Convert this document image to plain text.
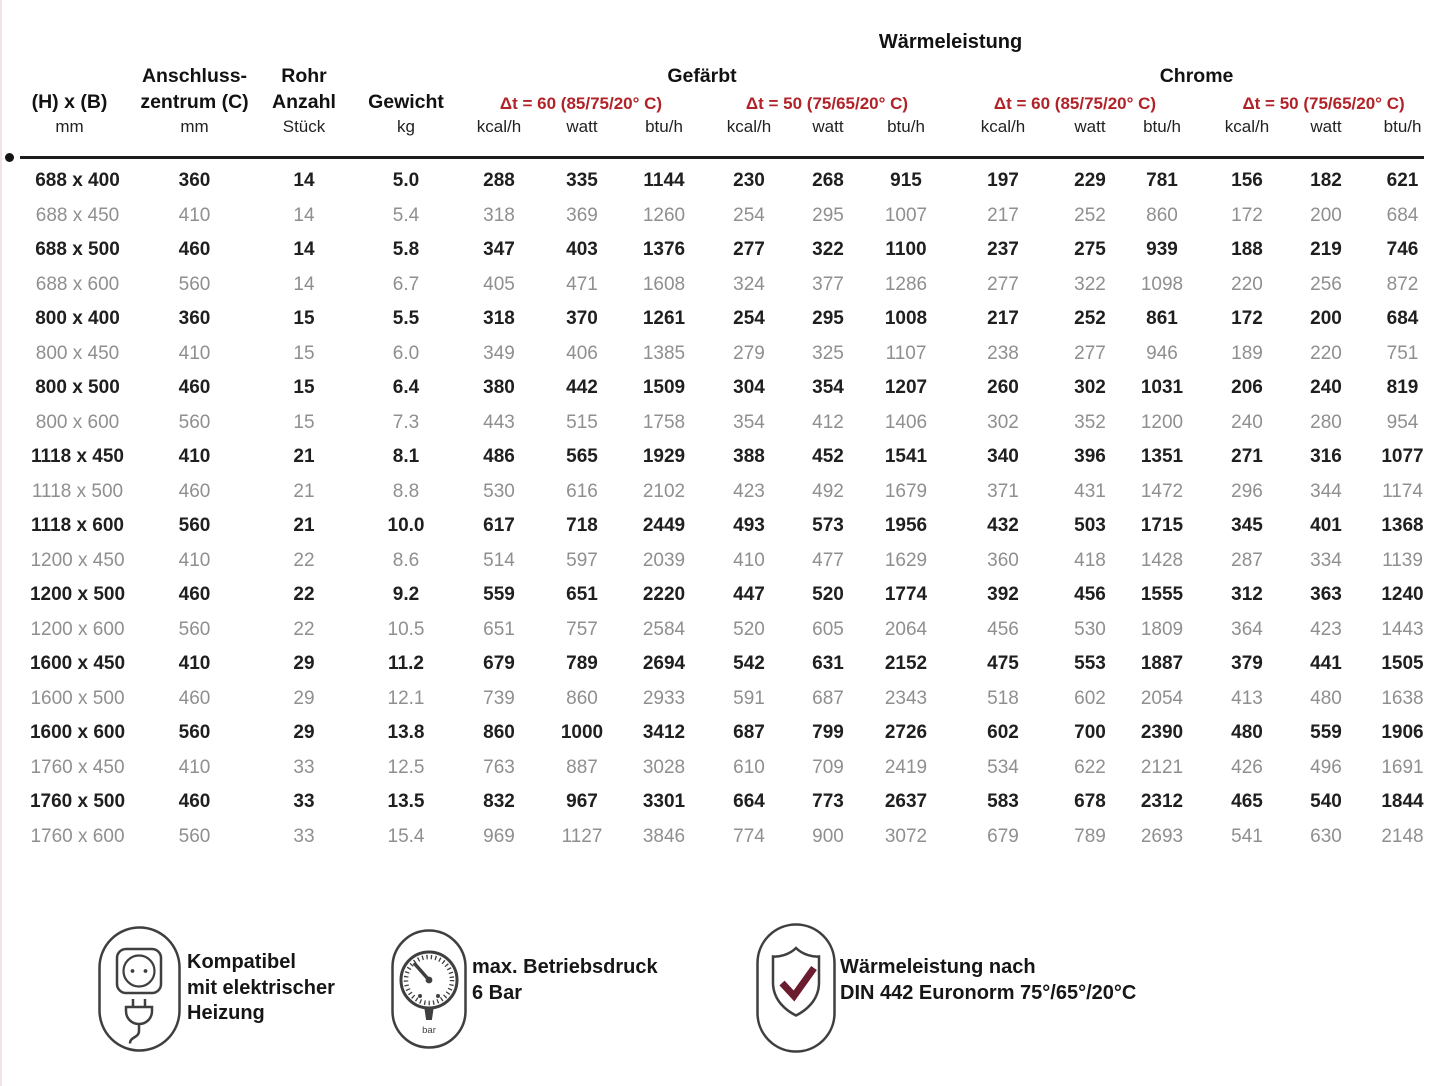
				Wärmeleistung											
	Anschluss-	Rohr		Gefärbt						Chrome					
(H) x (B)	zentrum (C)	Anzahl	Gewicht	Δt = 60 (85/75/20° C)			Δt = 50 (75/65/20° C)			Δt = 60 (85/75/20° C)			Δt = 50 (75/65/20° C)		
mm	mm	Stück	kg	kcal/h	watt	btu/h	kcal/h	watt	btu/h	kcal/h	watt	btu/h	kcal/h	watt	btu/h
688 x 400	360	14	5.0	288	335	1144	230	268	915	197	229	781	156	182	621
688 x 450	410	14	5.4	318	369	1260	254	295	1007	217	252	860	172	200	684
688 x 500	460	14	5.8	347	403	1376	277	322	1100	237	275	939	188	219	746
688 x 600	560	14	6.7	405	471	1608	324	377	1286	277	322	1098	220	256	872
800 x 400	360	15	5.5	318	370	1261	254	295	1008	217	252	861	172	200	684
800 x 450	410	15	6.0	349	406	1385	279	325	1107	238	277	946	189	220	751
800 x 500	460	15	6.4	380	442	1509	304	354	1207	260	302	1031	206	240	819
800 x 600	560	15	7.3	443	515	1758	354	412	1406	302	352	1200	240	280	954
1118 x 450	410	21	8.1	486	565	1929	388	452	1541	340	396	1351	271	316	1077
1118 x 500	460	21	8.8	530	616	2102	423	492	1679	371	431	1472	296	344	1174
1118 x 600	560	21	10.0	617	718	2449	493	573	1956	432	503	1715	345	401	1368
1200 x 450	410	22	8.6	514	597	2039	410	477	1629	360	418	1428	287	334	1139
1200 x 500	460	22	9.2	559	651	2220	447	520	1774	392	456	1555	312	363	1240
1200 x 600	560	22	10.5	651	757	2584	520	605	2064	456	530	1809	364	423	1443
1600 x 450	410	29	11.2	679	789	2694	542	631	2152	475	553	1887	379	441	1505
1600 x 500	460	29	12.1	739	860	2933	591	687	2343	518	602	2054	413	480	1638
1600 x 600	560	29	13.8	860	1000	3412	687	799	2726	602	700	2390	480	559	1906
1760 x 450	410	33	12.5	763	887	3028	610	709	2419	534	622	2121	426	496	1691
1760 x 500	460	33	13.5	832	967	3301	664	773	2637	583	678	2312	465	540	1844
1760 x 600	560	33	15.4	969	1127	3846	774	900	3072	679	789	2693	541	630	2148
Kompatibel
mit elektrischer
Heizung
bar
max. Betriebsdruck
6 Bar
Wärmeleistung nach
DIN 442 Euronorm 75°/65°/20°C
